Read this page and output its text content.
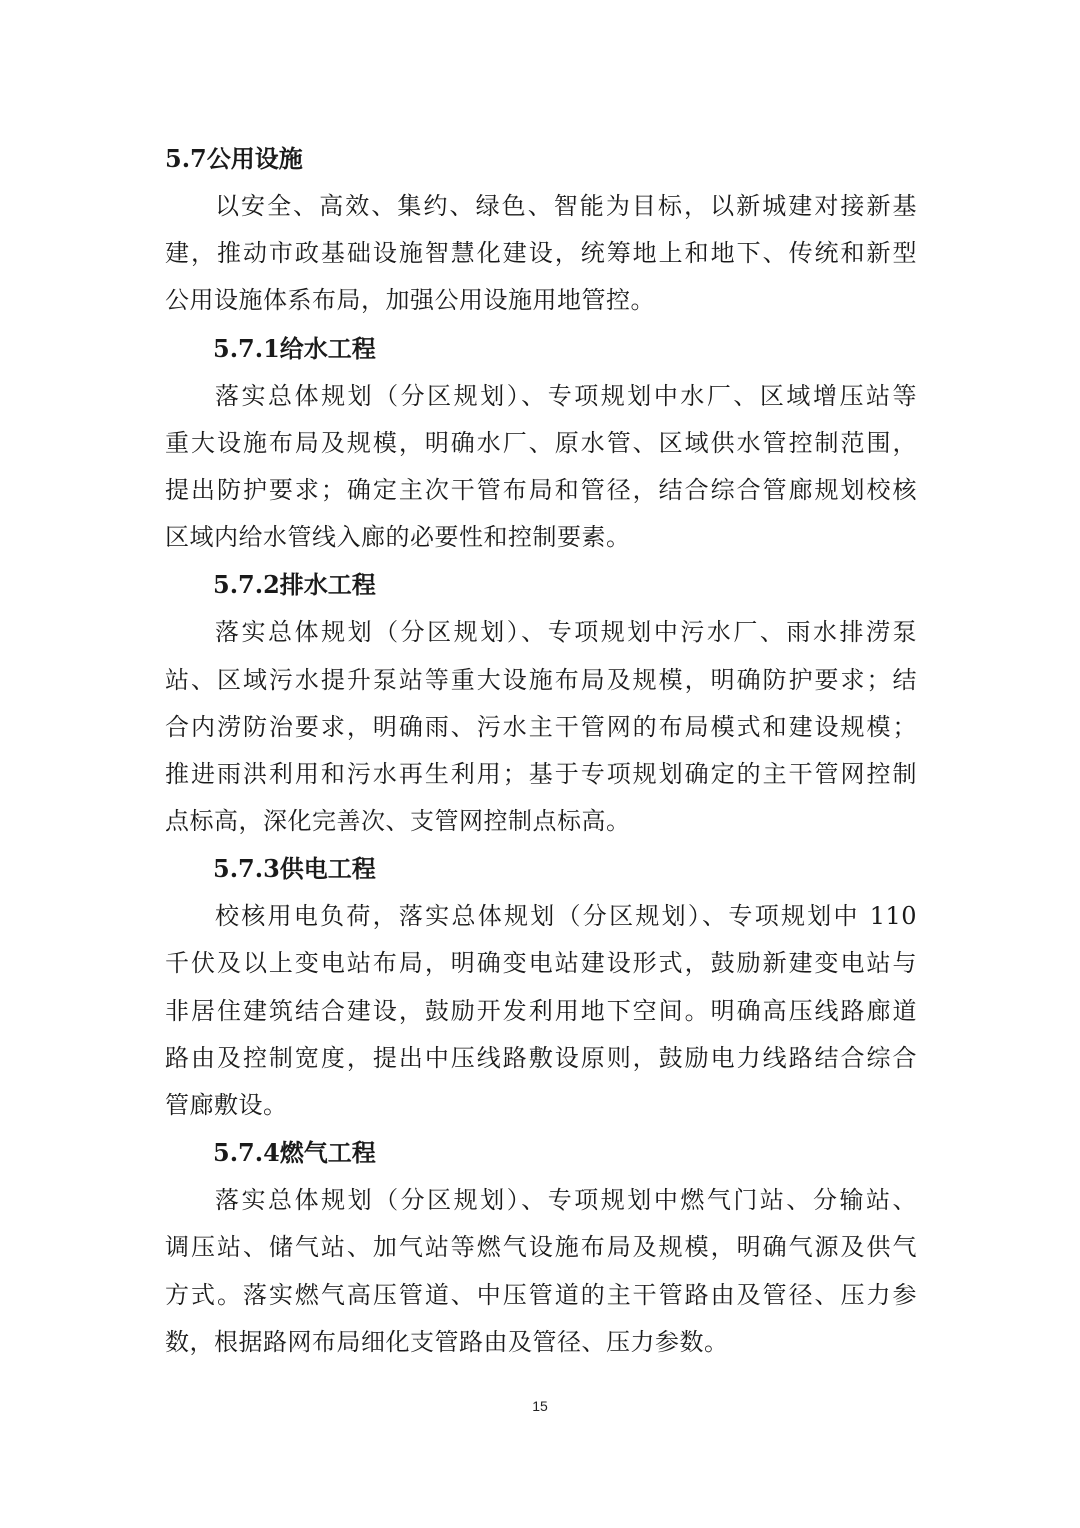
5.7公用设施
以安全、高效、集约、绿色、智能为目标，以新城建对接新基
建，推动市政基础设施智慧化建设，统筹地上和地下、传统和新型
公用设施体系布局，加强公用设施用地管控。
5.7.1给水工程
落实总体规划（分区规划）、专项规划中水厂、区域增压站等
重大设施布局及规模，明确水厂、原水管、区域供水管控制范围，
提出防护要求；确定主次干管布局和管径，结合综合管廊规划校核
区域内给水管线入廊的必要性和控制要素。
5.7.2排水工程
落实总体规划（分区规划）、专项规划中污水厂、雨水排涝泵
站、区域污水提升泵站等重大设施布局及规模，明确防护要求；结
合内涝防治要求，明确雨、污水主干管网的布局模式和建设规模；
推进雨洪利用和污水再生利用；基于专项规划确定的主干管网控制
点标高，深化完善次、支管网控制点标高。
5.7.3供电工程
校核用电负荷，落实总体规划（分区规划）、专项规划中 110
千伏及以上变电站布局，明确变电站建设形式，鼓励新建变电站与
非居住建筑结合建设，鼓励开发利用地下空间。明确高压线路廊道
路由及控制宽度，提出中压线路敷设原则，鼓励电力线路结合综合
管廊敷设。
5.7.4燃气工程
落实总体规划（分区规划）、专项规划中燃气门站、分输站、
调压站、储气站、加气站等燃气设施布局及规模，明确气源及供气
方式。落实燃气高压管道、中压管道的主干管路由及管径、压力参
数，根据路网布局细化支管路由及管径、压力参数。
15
